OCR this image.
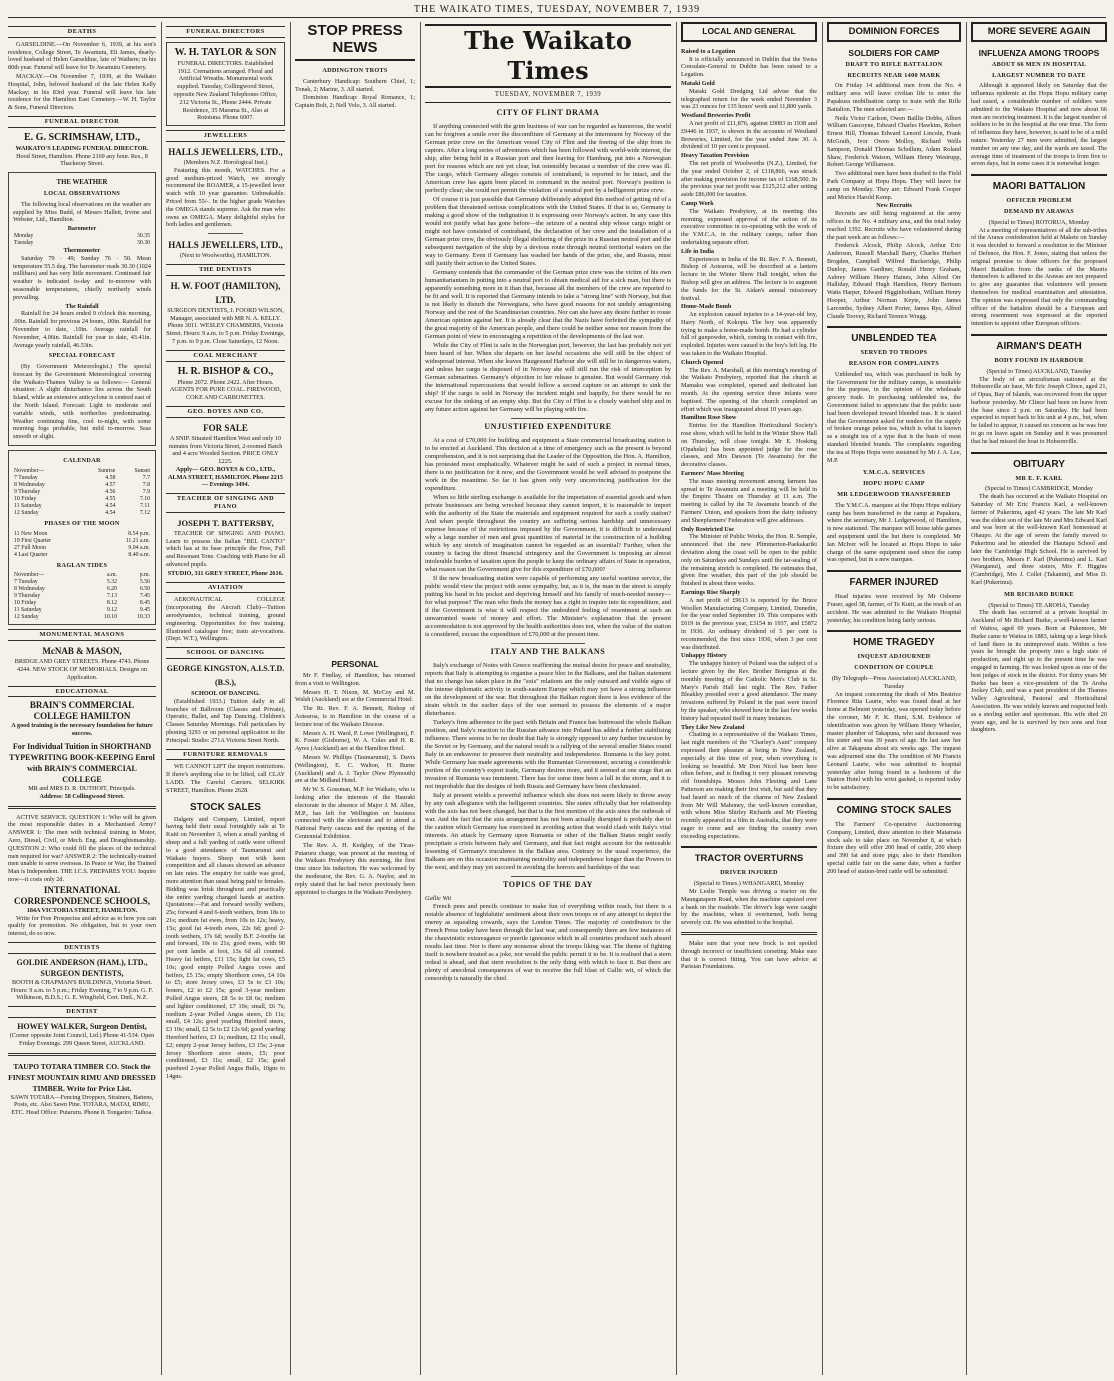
THE WAIKATO TIMES, TUESDAY, NOVEMBER 7, 1939
DEATHS
GARSELDINE.—On November 6, 1939, at his son's residence, College Street, Te Awamutu, Eli James, dearly-loved husband of Helen Garseldine, late of Waihere; in his 80th year. Funeral will leave for Te Awamutu Cemetery.
MACKAY.—On November 7, 1939, at the Waikato Hospital, John, beloved husband of the late Helen Kelly Mackay; in his 83rd year. Funeral will leave his late residence for the Hamilton East Cemetery.—W. H. Taylor & Sons, Funeral Directors.
FUNERAL DIRECTOR
E. G. SCRIMSHAW, LTD.,
WAIKATO'S LEADING FUNERAL DIRECTOR.
Hood Street, Hamilton. Phone 2169 any hour. Res., 8 Thackeray Street.
THE WEATHER
LOCAL OBSERVATIONS
The following local observations on the weather are supplied by Miss Budd, of Messrs Hallett, Irvine and Webster, Ltd., Hamilton.
Barometer
Monday	30.35
Tuesday	30.30
Thermometer
Saturday 79 · 49; Sunday 76 · 50. Mean temperature 55.5 deg. The barometer reads 30.30 (1024 millibars) and has very little movement. Continued fair weather is indicated to-day and to-morrow with seasonable temperatures, chiefly northerly winds prevailing.
The Rainfall
Rainfall for 24 hours ended 9 o'clock this morning, .00in. Rainfall for previous 24 hours, .00in. Rainfall for November to date, .10in. Average rainfall for November, 4.06in. Rainfall for year to date, 43.41in. Average yearly rainfall, 46.53in.
SPECIAL FORECAST
(By Government Meteorologist.) The special forecast by the Government Meteorological covering the Waikato-Thames Valley is as follows:— General situation: A slight disturbance lies across the South Island, while an extensive anticyclone is centred east of the North Island. Forecast: Light to moderate and variable winds, with northerlies predominating. Weather continuing fine, cool to-night, with some morning fogs probable, but mild to-morrow. Seas smooth or slight.
CALENDAR
November—	Sunrise	Sunset
7 Tuesday	4.58	7.7
8 Wednesday	4.57	7.8
9 Thursday	4.56	7.9
10 Friday	4.55	7.10
11 Saturday	4.54	7.11
12 Sunday	4.54	7.12
PHASES OF THE MOON
11 New Moon	8.54 p.m.
19 First Quarter	11.21 a.m.
27 Full Moon	9.04 a.m.
4 Last Quarter	8.40 a.m.
RAGLAN TIDES
November—	a.m.	p.m.
7 Tuesday	5.32	5.56
8 Wednesday	6.20	6.50
9 Thursday	7.13	7.45
10 Friday	8.12	8.45
11 Saturday	9.12	9.45
12 Sunday	10.10	10.33
MONUMENTAL MASONS
McNAB & MASON,
BRIDGE AND GREY STREETS. Phone 4743. Phone 4244. NEW STOCK OF MEMORIALS. Designs on Application.
EDUCATIONAL
BRAIN'S COMMERCIAL COLLEGE HAMILTON
A good training is the necessary foundation for future success.
For Individual Tuition in SHORTHAND TYPEWRITING BOOK-KEEPING Enrol with BRAIN'S COMMERCIAL COLLEGE
MR and MRS D. R. DUTHOIT, Principals.
Address: 58 Collingwood Street.
ACTIVE SERVICE. QUESTION 1: Who will be given the most responsible duties in a Mechanised Army? ANSWER 1: The men with technical training in Motor, Aero, Diesel, Civil, or Mech. Eng. and Draughtsmanship. QUESTION 2: Who could fill the places of the technical men required for war? ANSWER 2: The technically-trained men unable to serve overseas. In Peace or War, the Trained Man is Independent. THE I.C.S. PREPARES YOU. Inquire now—it costs only 2d.
INTERNATIONAL CORRESPONDENCE SCHOOLS,
184A VICTORIA STREET, HAMILTON.
Write for Free Prospectus and advice as to how you can qualify for promotion. No obligation, but to your own interest, do so now.
DENTISTS
GOLDIE ANDERSON (HAM.), LTD., SURGEON DENTISTS,
BOOTH & CHAPMAN'S BUILDINGS, Victoria Street. Hours: 9 a.m. to 5 p.m.; Friday Evening, 7 to 9 p.m. G. F. Wilkinson, B.D.S.; G. E. Wingfield, Cert. Dntl., N.Z.
DENTIST
HOWEY WALKER, Surgeon Dentist,
(Corner opposite Joint Council, Ltd.) Phone 41-534. Open Friday Evenings. 299 Queen Street, AUCKLAND.
TAUPO TOTARA TIMBER CO. Stock the FINEST MOUNTAIN RIMU AND DRESSED TIMBER. Write for Price List.
SAWN TOTARA—Fencing Droppers, Strainers, Battens, Posts, etc. Also Sawn Pine. TOTARA, MATAI, RIMU, ETC. Head Office: Putaruru. Phone 8. Tongariro: Taihoa.
FUNERAL DIRECTORS
W. H. TAYLOR & SON
FUNERAL DIRECTORS. Established 1912. Cremations arranged. Floral and Artificial Wreaths. Monumental work supplied. Tuesday, Collingwood Street, opposite New Zealand Telephones Office, 212 Victoria St., Phone 2444. Private Residence, 35 Marama St., Also at Rototuna. Phone 6007.
JEWELLERS
HALLS JEWELLERS, LTD.,
(Members N.Z. Horological Inst.)
Featuring this month, WATCHES. For a good medium-priced Watch, we strongly recommend the ROAMER, a 15-jewelled lever watch with 10 year guarantee. Unbreakable. Priced from 55/-. In the higher grade Watches the OMEGA stands supreme. Ask the man who owns an OMEGA. Many delightful styles for both ladies and gentlemen.
HALLS JEWELLERS, LTD.,
(Next to Woolworths), HAMILTON.
THE DENTISTS
H. W. FOOT (HAMILTON), LTD.
SURGEON DENTISTS, J. FOORD WILSON, Manager, associated with MR N. A. KELLY. Phone 3011. WESLEY CHAMBERS, Victoria Street. Hours: 9 a.m. to 5 p.m. Friday Evenings, 7 p.m. to 9 p.m. Close Saturdays, 12 Noon.
COAL MERCHANT
H. R. BISHOP & CO.,
Phone 2072. Phone 2422. After Hours. AGENTS FOR PURE COAL. FIREWOOD, COKE AND CARBONETTES.
GEO. BOYES AND CO.
FOR SALE
A SNIP. Situated Hamilton West and only 10 minutes from Victoria Street, 2-roomed Batch and 4 acre Wooded Section. PRICE ONLY £225.
Apply— GEO. BOYES & CO., LTD., ALMA STREET, HAMILTON. Phone 2215 — Evenings 3494.
TEACHER OF SINGING AND PIANO
JOSEPH T. BATTERSBY,
TEACHER OF SINGING AND PIANO. Learn to possess the Italian "BEL CANTO" which has at its base principle the Free, Full and Resonant Tone. Coaching with Piano for all advanced pupils.
STUDIO, 311 GREY STREET, Phone 2616.
AVIATION
AERONAUTICAL COLLEGE (incorporating the Aircraft Club)—Tuition aerodynamics, technical training, ground engineering. Opportunities for free training. Illustrated catalogue free; train air-vocations. (Dept. W.T.), Wellington.
SCHOOL OF DANCING
GEORGE KINGSTON, A.I.S.T.D. (B.S.),
SCHOOL OF DANCING.
(Established 1933.) Tuition daily in all branches of Ballroom (Classes and Private), Operatic, Ballet, and Tap Dancing. Children's Classes Saturday Mornings. Full particulars by phoning 3293 or on personal application to the Principal: Studio: 271A Victoria Street North.
FURNITURE REMOVALS
WE CANNOT LIFT the import restrictions. If there's anything else to be lifted, call CLAY LADD. The Careful Carriers. SELKIRK STREET, Hamilton. Phone 2628.
STOCK SALES
Dalgety and Company, Limited, report having held their usual fortnightly sale at Te Kuiti on November 3, when a small yarding of sheep and a full yarding of cattle were offered to a good attendance of Taumarunui and Waikato buyers. Sheep met with keen competition and all classes showed an advance on late rates. The enquiry for cattle was good, more attention than usual being paid to females. Bidding was brisk throughout and practically the entire yarding changed hands at auction. Quotations:—Fat and forward woolly wethers, 25s; forward 4 and 6-tooth wethers, from 18s to 21s; medium fat ewes, from 10s to 12s; heavy, 15s; good fat 4-tooth ewes, 22s 6d; good 2-tooth wethers, 17s 6d; woolly B.F. 2-tooths fat and forward, 19s to 21s; good ewes, with 90 per cent lambs at foot, 13s 6d all counted. Heavy fat heifers, £11 15s; light fat cows, £5 10s; good empty Polled Angus cows and heifers, £5 15s; empty Shorthorn cows, £4 10s to £5; store Jersey cows, £3 5s to £3 10s; boners, £2 to £2 15s; good 3-year medium Polled Angus steers, £8 5s to £8 6s; medium and lighter conditioned, £7 10s; small, £6 7s; medium 2-year Polled Angus steers, £6 11s; small, £4 12s; good yearling Hereford steers, £3 10s; small, £2 5s to £2 12s 6d; good yearling Hereford heifers, £3 1s; medium, £2 11s; small, £2; empty 2-year Jersey heifers, £3 15s; 2-year Jersey Shorthorn store steers, £5; poor conditioned, £3 11s; small, £2 15s; good purebred 2-year Polled Angus Bulls, 10gns to 14gns.
STOP PRESS NEWS
ADDINGTON TROTS
Canterbury Handicap: Southern Chief, 1; Tonak, 2; Marine, 3. All started.
Dominion Handicap: Royal Romance, 1; Captain Bolt, 2; Nell Volo, 3. All started.
PERSONAL
Mr F. Findlay, of Hamilton, has returned from a visit to Wellington.
Messrs H. T. Nixon, M. McCoy and M. Walsh (Auckland) are at the Commercial Hotel.
The Rt. Rev. F. A. Bennett, Bishop of Aotearoa, is in Hamilton in the course of a lecture tour of the Waikato Diocese.
Messrs A. H. Ward, P. Lowe (Wellington), F. K. Foster (Gisborne), W. A. Coles and H. R. Ayres (Auckland) are at the Hamilton Hotel.
Messrs W. Phillips (Taumarunui), S. Davis (Wellington), E. C. Walton, H. Burne (Auckland) and A. J. Taylor (New Plymouth) are at the Midland Hotel.
Mr W. S. Gossman, M.P. for Waikato, who is looking after the interests of the Hauraki electorate in the absence of Major J. M. Allen, M.P., has left for Wellington on business connected with the electorate and to attend a National Party caucus and the opening of the Centennial Exhibition.
The Rev. A. H. Kedgley, of the Tirau-Putaruru charge, was present at the meeting of the Waikato Presbytery this morning, the first time since his induction. He was welcomed by the moderator, the Rev. G. A. Naylor, and in reply stated that he had twice previously been appointed to charges in the Waikato Presbytery.
The Waikato Times
TUESDAY, NOVEMBER 7, 1939
CITY OF FLINT DRAMA
If anything connected with the grim business of war can be regarded as humorous, the world can be forgiven a smile over the discomfiture of Germany at the internment by Norway of the German prize crew on the American vessel City of Flint and the freeing of the ship from its captors. After a long series of adventures which has been followed with world-wide interest, the ship, after being held in a Russian port and then leaving for Hamburg, put into a Norwegian port for reasons which are not yet clear, but ostensibly because a member of the crew was ill. The cargo, which Germany alleges consists of contraband, is reported to be intact, and the American crew has again been placed in command in the neutral port. Norway's position is perfectly clear; she could not permit the violation of a neutral port by a belligerent prize crew.
Of course it is just possible that Germany deliberately adopted this method of getting rid of a problem that threatened serious complications with the United States. If that is so, Germany is making a good show of the indignation it is expressing over Norway's action. In any case this would not justify what has gone before—the seizure of a neutral ship whose cargo might or might not have consisted of contraband, the declaration of her crew and the installation of a German prize crew, the obviously illegal sheltering of the prize in a Russian neutral port and the subsequent navigation of the ship by a devious route through neutral territorial waters on the way to Germany. Even if Germany has washed her hands of the prize, she, and Russia, must still justify their action to the United States.
Germany contends that the commander of the German prize crew was the victim of his own humanitarianism in putting into a neutral port to obtain medical aid for a sick man, but there is apparently something more in it than that, because all the members of the crew are reported to be fit and well. It is reported that Germany intends to take a "strong line" with Norway, but that is not likely to disturb the Norwegians, who have good reasons for not unduly antagonising Norway and the rest of the Scandinavian countries. Nor can she have any desire further to rouse American opinion against her. It is already clear that the Nazis have forfeited the sympathy of the great majority of the American people, and there could be neither sense nor reason from the German point of view in encouraging a repetition of the developments of the last war.
While the City of Flint is safe in the Norwegian port, however, the last has probably not yet been heard of her. When she departs on her lawful occasions she will still be the object of widespread interest. When she leaves Haugesund Harbour she will still be in dangerous waters, and unless her cargo is disposed of in Norway she will still run the risk of interception by German submarines. Germany's objection to her release is genuine. But would Germany risk the international repercussions that would follow a second capture or an attempt to sink the ship? If the cargo is sold in Norway the incident might end happily, for there would be no excuse for the sinking of an empty ship. But the City of Flint is a closely watched ship and in any future action against her Germany will be playing with fire.
UNJUSTIFIED EXPENDITURE
At a cost of £70,000 for building and equipment a State commercial broadcasting station is to be erected at Auckland. This decision at a time of emergency such as the present is beyond comprehension, and it is not surprising that the Leader of the Opposition, the Hon. A. Hamilton, has protested most emphatically. Whatever might be said of such a project in normal times, there is no justification for it now, and the Government would be well advised to postpone the work in the meantime. So far it has given only very unconvincing justification for the expenditure.
When so little sterling exchange is available for the importation of essential goods and when private businesses are being wrecked because they cannot import, it is reasonable to import with the authority of the State the materials and equipment required for such a costly station? And when people throughout the country are suffering serious hardship and unnecessary expense because of the restrictions imposed by the Government, it is difficult to understand why a large number of men and great quantities of material in the construction of a building which by any stretch of imagination cannot be regarded as an essential? Further, when the country is facing the direst financial stringency and the Government is imposing an almost intolerable burden of taxation upon the people to keep the ordinary affairs of State in operation, what reason can the Government give for this expenditure of £70,000?
If the new broadcasting station were capable of performing any useful wartime service, the public would view the project with some sympathy, but, as it is, the man in the street is simply putting his hand in his pocket and depriving himself and his family of much-needed money—for what purpose? The man who finds the money has a right to inquire into its expenditure, and if the Government is wise it will respect the undoubted feeling of resentment at such an unwarranted waste of money and effort. The Minister's explanation that the present accommodation is not approved by the health authorities does not, when the value of the station is considered, excuse the expenditure of £70,000 at the present time.
ITALY AND THE BALKANS
Italy's exchange of Notes with Greece reaffirming the mutual desire for peace and neutrality, reports that Italy is attempting to organise a peace bloc in the Balkans, and the Italian statement that no change has taken place in the "axis" relations are the only outward and visible signs of the intense diplomatic activity in south-eastern Europe which may yet have a strong influence on the development of the war. But throughout the Balkan region there is less evidence of the strain which in the earlier days of the war seemed to possess the elements of a major disturbance.
Turkey's firm adherence to the pact with Britain and France has buttressed the whole Balkan position, and Italy's reaction to the Russian advance into Poland has added a further stabilising influence. There seems to be no doubt that Italy is strongly opposed to any further incursion by the Soviet or by Germany, and the natural result is a rallying of the several smaller States round Italy in an endeavour to preserve their neutrality and independence. Rumania is the key point. While Germany has made agreements with the Rumanian Government, securing a considerable portion of the country's export trade, Germany desires more, and it seemed at one stage that an invasion of Rumania was imminent. There has for some time been a lull in the storm, and it is not improbable that the designs of both Russia and Germany have been checkmated.
Italy at present wields a powerful influence which she does not seem likely to throw away by any rash allegiance with the belligerent countries. She states officially that her relationship with the axis has not been changed, but that is the first mention of the axis since the outbreak of war. And the fact that the axis arrangement has not been actually disrupted is probably due to the caution which Germany has exercised in avoiding action that would clash with Italy's vital interests. An attack by Germany upon Rumania or other of the Balkan States might easily precipitate a crisis between Italy and Germany, and that fact might account for the noticeable lessening of Germany's truculence in the Balkan area. Contrary to the usual experience, the Balkans are on this occasion maintaining neutrality and independence longer than the Powers to the west, and they may yet succeed in avoiding the horrors and hardships of the war.
TOPICS OF THE DAY
Gallic Wit
French pens and pencils continue to make fun of everything within reach, but there is a notable absence of highfalutin' sentiment about their own troops or of any attempt to depict the enemy as squealing cowards, says the London Times. The majority of contributors to the French Press today have been through the last war, and consequently there are few instances of the chauvinistic extravagance or puerile ignorance which in all countries produced such absurd results last time. Nor is there any nonsense about the troops liking war. The theme of fighting itself is nowhere treated as a joke, nor would the public permit it to be. It is realised that a stern ordeal is ahead, and that stern resolution is the only thing with which to face it. But there are plenty of anecdotal consequences of war to receive the full blast of Gallic wit, of which the censorship is naturally the chief.
LOCAL AND GENERAL
Raised to a Legation
It is officially announced in Dublin that the Swiss Consulate-General in Dublin has been raised to a Legation.
Mataki Gold
Mataki Gold Dredging Ltd advise that the telegraphed return for the week ended November 3 was 23 ounces for 135 hours' work and 11,800 yards.
Westland Breweries Profit
A net profit of £11,876, against £9083 in 1938 and £9446 in 1937, is shown in the accounts of Westland Breweries, Limited, for the year ended June 30. A dividend of 10 per cent is proposed.
Heavy Taxation Provision
The net profit of Woolworths (N.Z.), Limited, for the year ended October 2, of £118,866, was struck after making provision for income tax of £168,500. In the previous year net profit was £125,212 after setting aside £86,000 for taxation.
Camp Work
The Waikato Presbytery, at its meeting this morning, expressed approval of the action of its executive committee in co-operating with the work of the Y.M.C.A. in the military camps, rather than undertaking separate effort.
Life in India
Experiences in India of the Rt. Rev. F. A. Bennett, Bishop of Aotearoa, will be described at a lantern lecture in the Winter Show Hall tonight, when the Bishop will give an address. The lecture is to augment the funds for the St. Aidan's annual missionary festival.
Home-Made Bomb
An explosion caused injuries to a 14-year-old boy, Harry North, of Kokopu. The boy was apparently trying to make a home-made bomb. He had a cylinder full of gunpowder, which, coming in contact with fire, exploded. Injuries were caused to the boy's left leg. He was taken to the Waikato Hospital.
Church Opened
The Rev. A. Marshall, at this morning's meeting of the Waikato Presbytery, reported that the church at Mamaku was completed, opened and dedicated last month. At the opening service three infants were baptised. The opening of the church completed an effort which was inaugurated about 10 years ago.
Hamilton Rose Show
Entries for the Hamilton Horticultural Society's rose show, which will be held in the Winter Show Hall on Thursday, will close tonight. Mr E. Hosking (Opaheke) has been appointed judge for the rose classes, and Mrs Dawson (Te Awamutu) for the decorative classes.
Farmers' Mass Meeting
The mass meeting movement among farmers has spread to Te Awamutu and a meeting will be held in the Empire Theatre on Thursday at 11 a.m. The meeting is called by the Te Awamutu branch of the Farmers' Union, and speakers from the dairy industry and Sheepfarmers' Federation will give addresses.
Only Restricted Use
The Minister of Public Works, the Hon. R. Semple, announced that the new Plimmerton-Paekakariki deviation along the coast will be open to the public only on Saturdays and Sundays until the tar-sealing of the remaining stretch is completed. He estimates that, given fine weather, this part of the job should be finished in about three weeks.
Earnings Rise Sharply
A net profit of £9613 is reported by the Bruce Woollen Manufacturing Company, Limited, Dunedin, for the year ended September 19. This compares with £619 in the previous year, £3154 in 1937, and £5872 in 1936. An ordinary dividend of 5 per cent is recommended, the first since 1936, when 3 per cent was distributed.
Unhappy History
The unhappy history of Poland was the subject of a lecture given by the Rev. Brother Benignus at the monthly meeting of the Catholic Men's Club in St. Mary's Parish Hall last night. The Rev. Father Bleakley presided over a good attendance. The many invasions suffered by Poland in the past were traced by the speaker, who showed how in the last few weeks history had repeated itself in many instances.
They Like New Zealand
Chatting to a representative of the Waikato Times, last night members of the "Charley's Aunt" company expressed their pleasure at being in New Zealand, especially at this time of year, when everything is looking so beautiful. Mr Don Nicol has been here often before, and is finding it very pleasant renewing old friendships. Messrs John Fleeting and Lane Patterson are making their first visit, but said that they had heard so much of the charms of New Zealand from Mr Will Mahoney, the well-known comedian, with whom Miss Shirley Richards and Mr Fleeting recently appeared in a film in Australia, that they were eager to come and are finding the country even exceeding expectations.
TRACTOR OVERTURNS
DRIVER INJURED
(Special to Times.) WHANGAREI, Monday
Mr Leslie Temple was driving a tractor on the Maungatapere Road, when the machine capsized over a bank on the roadside. The driver's legs were caught by the machine, when it overturned, both being severely cut. He was admitted to the hospital.
Make sure that your new frock is not spoiled through incorrect or insufficient corseting. Make sure that it is correct fitting. You can have advice at Parisian Foundations.
DOMINION FORCES
SOLDIERS FOR CAMP
DRAFT TO RIFLE BATTALION
RECRUITS NEAR 1400 MARK
On Friday 14 additional men from the No. 4 military area will leave civilian life to enter the Papakura mobilisation camp to train with the Rifle Battalion. The men selected are:—
Neils Victor Carlson, Owen Baillie Dobbs, Albert William Gascoyne, Edward Charles Hawkins, Robert Ernest Hill, Thomas Edward Lenord Lincoln, Frank McGrath, Ivor Owen Molloy, Richard Wells Sampson, Donald Thomas Schollum, Adam Roland Shaw, Frederick Watson, William Henry Westrupp, Robert George Williamson.
Two additional men have been drafted to the Field Park Company at Hopu Hopu. They will leave for camp on Monday. They are: Edward Frank Cooper and Morice Harold Kemp.
New Recruits
Recruits are still being registered at the army offices in the No. 4 military area, and the total today reached 1392. Recruits who have volunteered during the past week are as follows:—
Frederick Alcock, Philip Alcock, Arthur Eric Anderson, Russell Marshall Barry, Charles Herbert Brogden, Campbell Wilfred Buckeridge, Philip Dunlop, James Gardiner, Ronald Henry Graham, Aubrey William Henry Haines, John Alfred Orr Halliday, Edward Hugh Hamilton, Henry Bertram Watts Harper, Edward Higginbotham, William Henry Hooper, Arthur Norman Keyte, John James Larcombe, Sydney Albert Porter, James Rye, Alfred Claude Toovey, Richard Terence Wragg.
UNBLENDED TEA
SERVED TO TROOPS
REASON FOR COMPLAINTS
Unblended tea, which was purchased in bulk by the Government for the military camps, is unsuitable for the purpose, in the opinion of the wholesale grocery trade. In purchasing unblended tea, the Government failed to appreciate that the public taste had been developed toward blended teas. It is stated that the Government asked for tenders for the supply of broken orange pekoe tea, which is what is known as a straight tea of a type that is the basis of most standard blended brands. The complaints regarding the tea at Hopu Hopu were sustained by Mr J. A. Lee, M.P.
Y.M.C.A. SERVICES
HOPU HOPU CAMP
MR LEDGERWOOD TRANSFERRED
The Y.M.C.A. marquee at the Hopu Hopu military camp has been transferred to the camp at Papakura, where the secretary, Mr J. Ledgerwood, of Hamilton, is now stationed. The marquee will house table games and equipment until the hut there is completed. Mr Ian McIver will be located at Hopu Hopu to take charge of the same equipment used since the camp was opened, but in a new marquee.
FARMER INJURED
Head injuries were received by Mr Osborne Fraser, aged 38, farmer, of Te Kuiti, as the result of an accident. He was admitted to the Waikato Hospital yesterday, his condition being fairly serious.
HOME TRAGEDY
INQUEST ADJOURNED
CONDITION OF COUPLE
(By Telegraph—Press Association) AUCKLAND, Tuesday
An inquest concerning the death of Mrs Beatrice Florence Rita Laurie, who was found dead at her home at Belmont yesterday, was opened today before the coroner, Mr F. K. Hunt, S.M. Evidence of identification was given by William Henry Wheeler, master plumber of Takapuna, who said deceased was his sister and was 39 years of age. He last saw her alive at Takapuna about six weeks ago. The inquest was adjourned sine die. The condition of Mr Francis Leonard Laurie, who was admitted to hospital yesterday after being found in a bedroom of the Station Hotel with his wrist gashed, is reported today to be satisfactory.
COMING STOCK SALES
The Farmers' Co-operative Auctioneering Company, Limited, draw attention to their Matamata stock sale to take place on November 8, at which fixture they will offer 200 head of cattle, 200 sheep and 390 fat and store pigs; also to their Hamilton special cattle fair on the same date, when a further 200 head of station-bred cattle will be submitted.
MORE SEVERE AGAIN
INFLUENZA AMONG TROOPS
ABOUT 66 MEN IN HOSPITAL
LARGEST NUMBER TO DATE
Although it appeared likely on Saturday that the influenza epidemic at the Hopu Hopu military camp had eased, a considerable number of soldiers were admitted to the Waikato Hospital and now about 66 men are receiving treatment. It is the largest number of soldiers to be in the hospital at the one time. The form of influenza they have, however, is said to be of a mild nature. Yesterday 27 men were admitted, the largest number on any one day, and the wards are taxed. The average time of treatment of the troops is from five to seven days, but in some cases it is somewhat longer.
MAORI BATTALION
OFFICER PROBLEM
DEMAND BY ARAWAS
(Special to Times) ROTORUA, Monday
At a meeting of representatives of all the sub-tribes of the Arawa confederation held at Makete on Sunday it was decided to forward a resolution to the Minister of Defence, the Hon. F. Jones, stating that unless the original promise to draw officers for the proposed Maori Battalion from the ranks of the Maoris themselves is adhered to the Arawas are not prepared to give any guarantee that volunteers will present themselves for medical examination and attestation. The opinion was expressed that only the commanding officer of the battalion should be a European and strong resentment was expressed at the reported intention to appoint other European officers.
AIRMAN'S DEATH
BODY FOUND IN HARBOUR
(Special to Times) AUCKLAND, Tuesday
The body of an aircraftsman stationed at the Hobsonville air base, Mr Eric Joseph Clince, aged 21, of Opua, Bay of Islands, was recovered from the upper harbour yesterday. Mr Clince had been on leave from the base since 2 p.m. on Saturday. He had been expected to report back to his unit at 4 p.m., but, when he failed to appear, it caused no concern as he was free to go on leave again on Sunday and it was presumed that he had missed the boat to Hobsonville.
OBITUARY
MR E. F. KARL
(Special to Times) CAMBRIDGE, Monday
The death has occurred at the Waikato Hospital on Saturday of Mr Eric Francis Karl, a well-known farmer of Pukerimu, aged 42 years. The late Mr Karl was the eldest son of the late Mr and Mrs Edward Karl and was born at the well-known Karl homestead at Ohaupo. At the age of seven the family moved to Pukerimu and he attended the Hautapu School and later the Cambridge High School. He is survived by two brothers, Messrs F. Karl (Pukerimu) and L. Karl (Wanganui), and three sisters, Mrs F. Higgins (Cambridge), Mrs J. Collet (Takanini), and Miss D. Karl (Pukerimu).
MR RICHARD BURKE
(Special to Times) TE AROHA, Tuesday
The death has occurred at a private hospital in Auckland of Mr Richard Burke, a well-known farmer of Waitoa, aged 69 years. Born at Pukemore, Mr Burke came to Waitoa in 1883, taking up a large block of land there in its unimproved state. Within a few years he brought the property into a high state of production, and right up to the present time he was engaged in farming. He was looked upon as one of the best judges of stock in the district. For thirty years Mr Burke has been a vice-president of the Te Aroha Jockey Club, and was a past president of the Thames Valley Agricultural, Pastoral and Horticultural Association. He was widely known and respected both as a sterling settler and sportsman. His wife died 20 years ago, and he is survived by two sons and four daughters.
